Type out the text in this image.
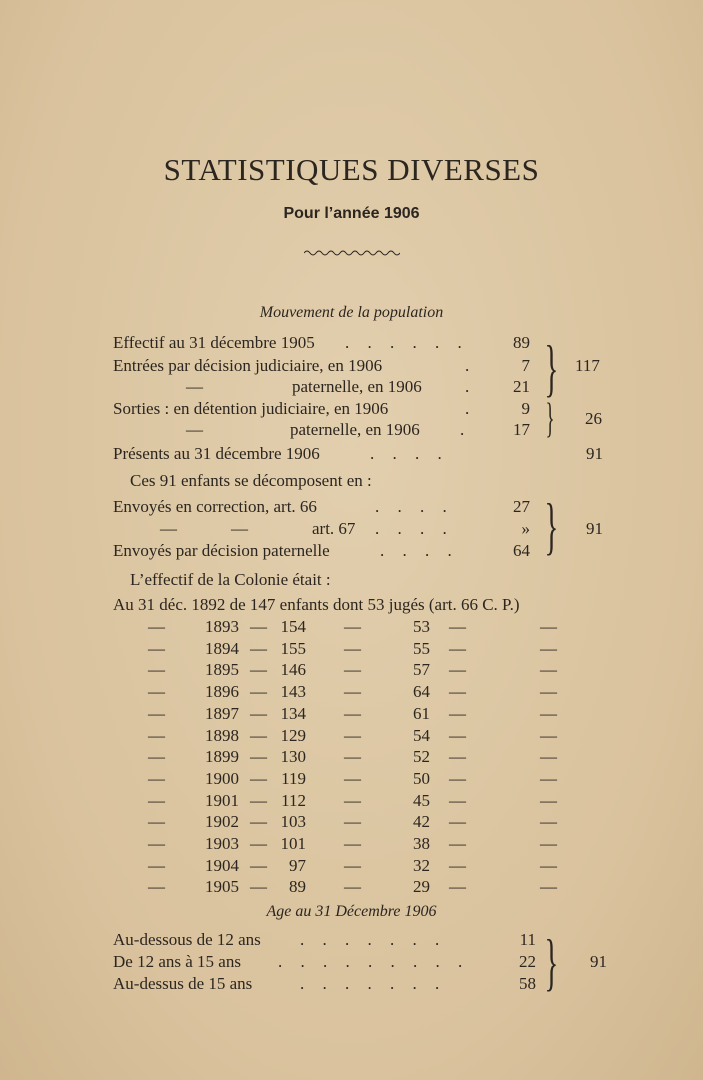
STATISTIQUES DIVERSES
Pour l’année 1906
Mouvement de la population
Effectif au 31 décembre 1905 . . . . . .	89
Entrées par décision judiciaire, en 1906	.	7
—	paternelle, en 1906	.	21 } 117
Sorties : en détention judiciaire, en 1906	.	9
—	paternelle, en 1906 .	17 } 26
Présents au 31 décembre 1906	. . . .	91
Ces 91 enfants se décomposent en :
Envoyés en correction, art. 66	. . . .	27
—	—	art. 67 . . . .	»
Envoyés par décision paternelle	. . . .	64 } 91
L’effectif de la Colonie était :
Au 31 déc. 1892 de 147 enfants dont 53 jugés (art. 66 C. P.)
— 1893 — 154 —	53 —	—
— 1894 — 155 —	55 —	—
— 1895 — 146 —	57 —	—
— 1896 — 143 —	64 —	—
— 1897 — 134 —	61 —	—
— 1898 — 129 —	54 —	—
— 1899 — 130 —	52 —	—
— 1900 — 119 —	50 —	—
— 1901 — 112 —	45 —	—
— 1902 — 103 —	42 —	—
— 1903 — 101 —	38 —	—
— 1904 —	97 —	32 —	—
— 1905 —	89 —	29 —	—
Age au 31 Décembre 1906
Au-dessous de 12 ans . . . . . . .	11
De 12 ans à 15 ans . . . . . . . . .	22
Au-dessus de 15 ans	. . . . . . .	58 } 91
